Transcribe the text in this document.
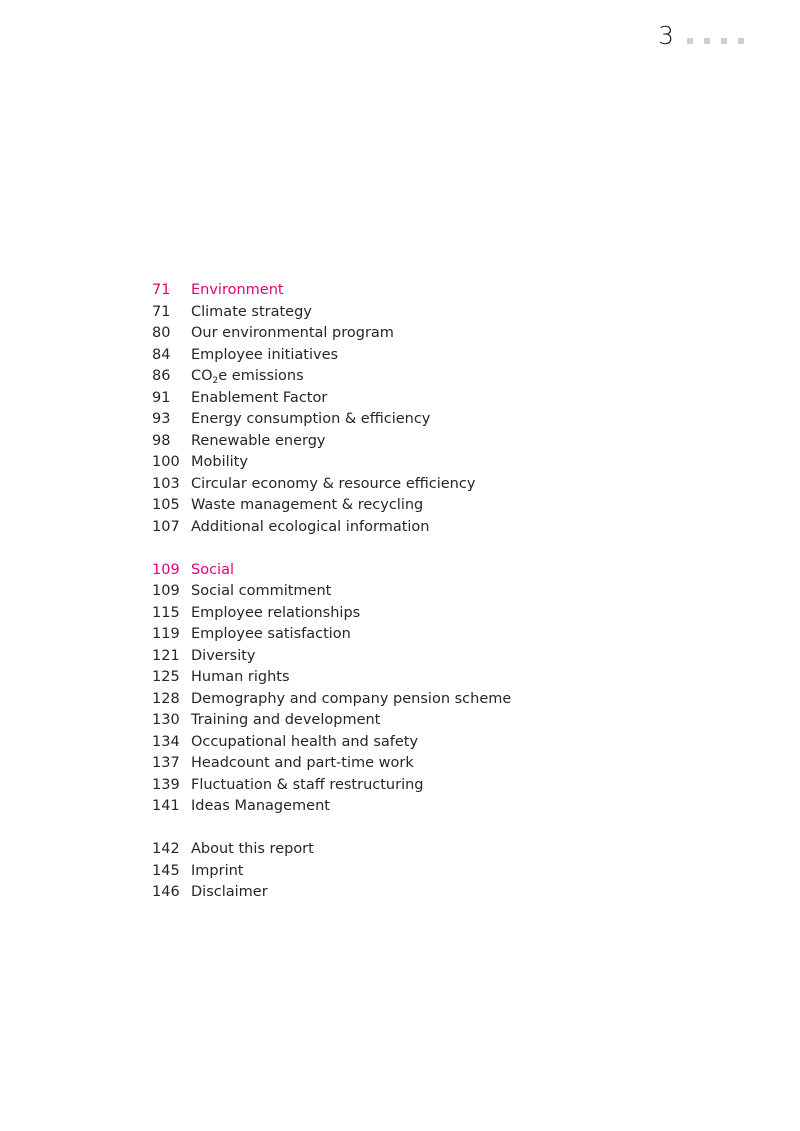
3
71	Environment
71	Climate strategy
80	Our environmental program
84	Employee initiatives
86	$CO_2e$ emissions
91	Enablement Factor
93	Energy consumption & efficiency
98	Renewable energy
100 Mobility
103 Circular economy & resource efficiency
105 Waste management & recycling
107 Additional ecological information
109 Social
109 Social commitment
115 Employee relationships
119 Employee satisfaction
121 Diversity
125 Human rights
128 Demography and company pension scheme
130 Training and development
134 Occupational health and safety
137 Headcount and part-time work
139 Fluctuation & staff restructuring
141 Ideas Management
142 About this report
145 Imprint
146 Disclaimer
